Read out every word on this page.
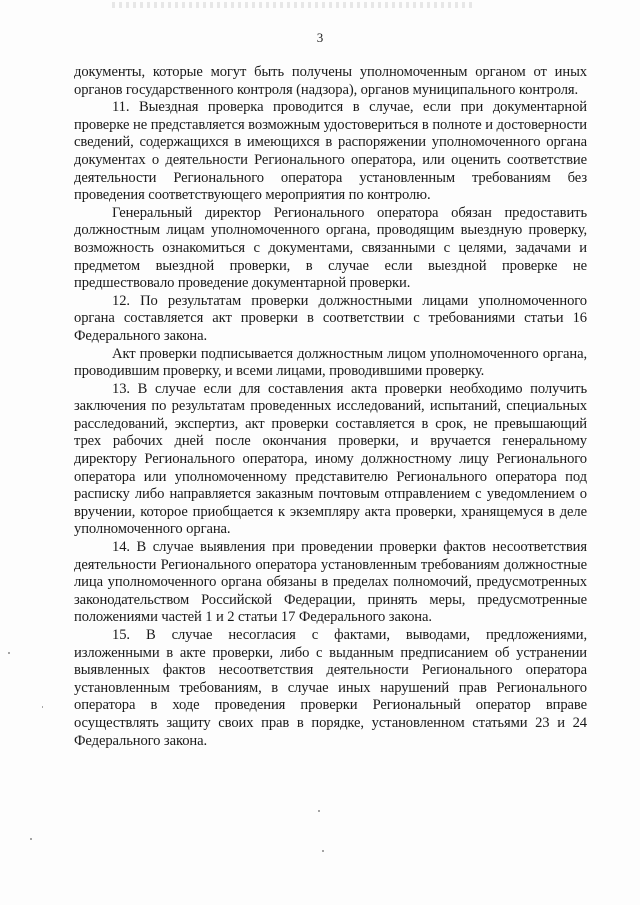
3

документы, которые могут быть получены уполномоченным органом от иных органов государственного контроля (надзора), органов муниципального контроля.

11. Выездная проверка проводится в случае, если при документарной проверке не представляется возможным удостовериться в полноте и достоверности сведений, содержащихся в имеющихся в распоряжении уполномоченного органа документах о деятельности Регионального оператора, или оценить соответствие деятельности Регионального оператора установленным требованиям без проведения соответствующего мероприятия по контролю.

Генеральный директор Регионального оператора обязан предоставить должностным лицам уполномоченного органа, проводящим выездную проверку, возможность ознакомиться с документами, связанными с целями, задачами и предметом выездной проверки, в случае если выездной проверке не предшествовало проведение документарной проверки.

12. По результатам проверки должностными лицами уполномоченного органа составляется акт проверки в соответствии с требованиями статьи 16 Федерального закона.

Акт проверки подписывается должностным лицом уполномоченного органа, проводившим проверку, и всеми лицами, проводившими проверку.

13. В случае если для составления акта проверки необходимо получить заключения по результатам проведенных исследований, испытаний, специальных расследований, экспертиз, акт проверки составляется в срок, не превышающий трех рабочих дней после окончания проверки, и вручается генеральному директору Регионального оператора, иному должностному лицу Регионального оператора или уполномоченному представителю Регионального оператора под расписку либо направляется заказным почтовым отправлением с уведомлением о вручении, которое приобщается к экземпляру акта проверки, хранящемуся в деле уполномоченного органа.

14. В случае выявления при проведении проверки фактов несоответствия деятельности Регионального оператора установленным требованиям должностные лица уполномоченного органа обязаны в пределах полномочий, предусмотренных законодательством Российской Федерации, принять меры, предусмотренные положениями частей 1 и 2 статьи 17 Федерального закона.

15. В случае несогласия с фактами, выводами, предложениями, изложенными в акте проверки, либо с выданным предписанием об устранении выявленных фактов несоответствия деятельности Регионального оператора установленным требованиям, в случае иных нарушений прав Регионального оператора в ходе проведения проверки Региональный оператор вправе осуществлять защиту своих прав в порядке, установленном статьями 23 и 24 Федерального закона.
